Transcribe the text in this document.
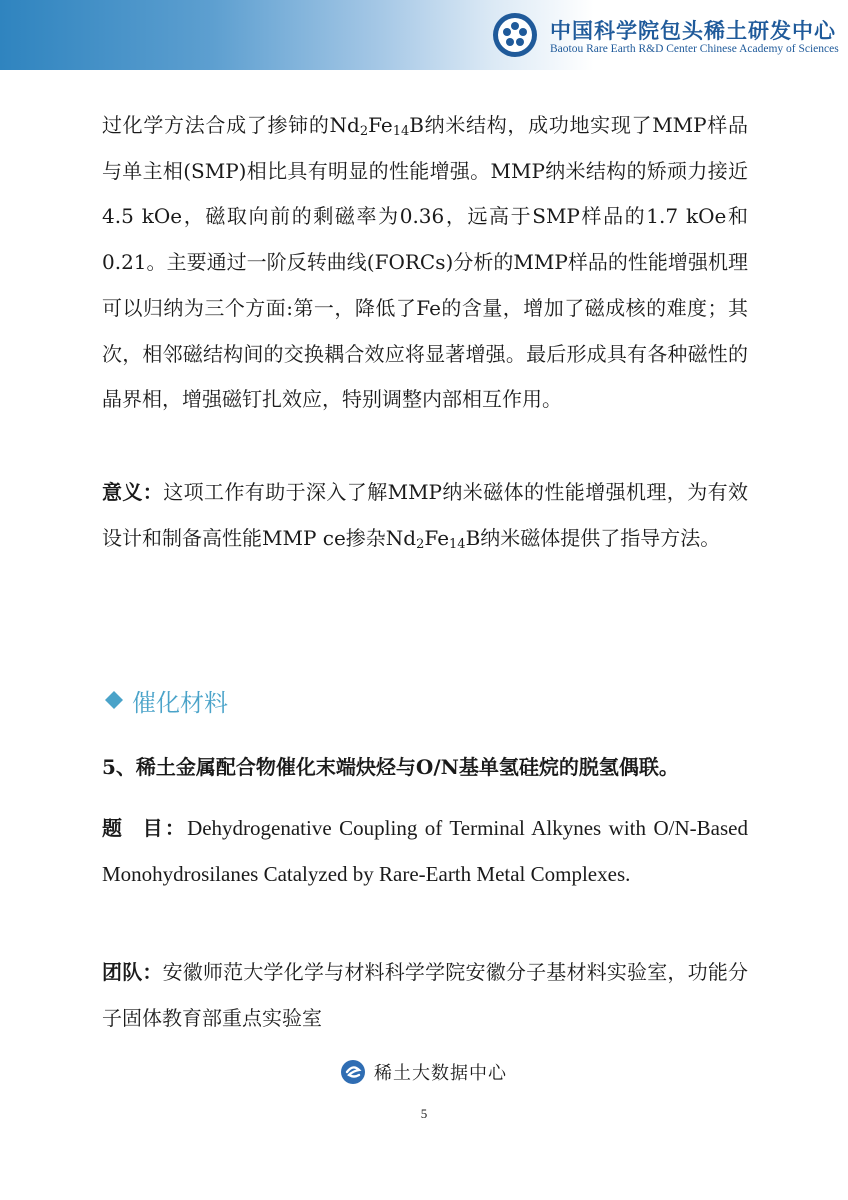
中国科学院包头稀土研发中心
Baotou Rare Earth R&D Center Chinese Academy of Sciences
过化学方法合成了掺铈的$Nd_2Fe_{14}B$纳米结构，成功地实现了MMP样品与单主相(SMP)相比具有明显的性能增强。MMP纳米结构的矫顽力接近4.5 kOe，磁取向前的剩磁率为0.36，远高于SMP样品的1.7 kOe和0.21。主要通过一阶反转曲线(FORCs)分析的MMP样品的性能增强机理可以归纳为三个方面:第一，降低了Fe的含量，增加了磁成核的难度；其次，相邻磁结构间的交换耦合效应将显著增强。最后形成具有各种磁性的晶界相，增强磁钉扎效应，特别调整内部相互作用。
意义：这项工作有助于深入了解MMP纳米磁体的性能增强机理，为有效设计和制备高性能MMP ce掺杂$Nd_2Fe_{14}B$纳米磁体提供了指导方法。
催化材料
5、稀土金属配合物催化末端炔烃与O/N基单氢硅烷的脱氢偶联。
题  目：Dehydrogenative Coupling of Terminal Alkynes with O/N-Based Monohydrosilanes Catalyzed by Rare-Earth Metal Complexes.
团队：安徽师范大学化学与材料科学学院安徽分子基材料实验室，功能分子固体教育部重点实验室
稀土大数据中心
5
